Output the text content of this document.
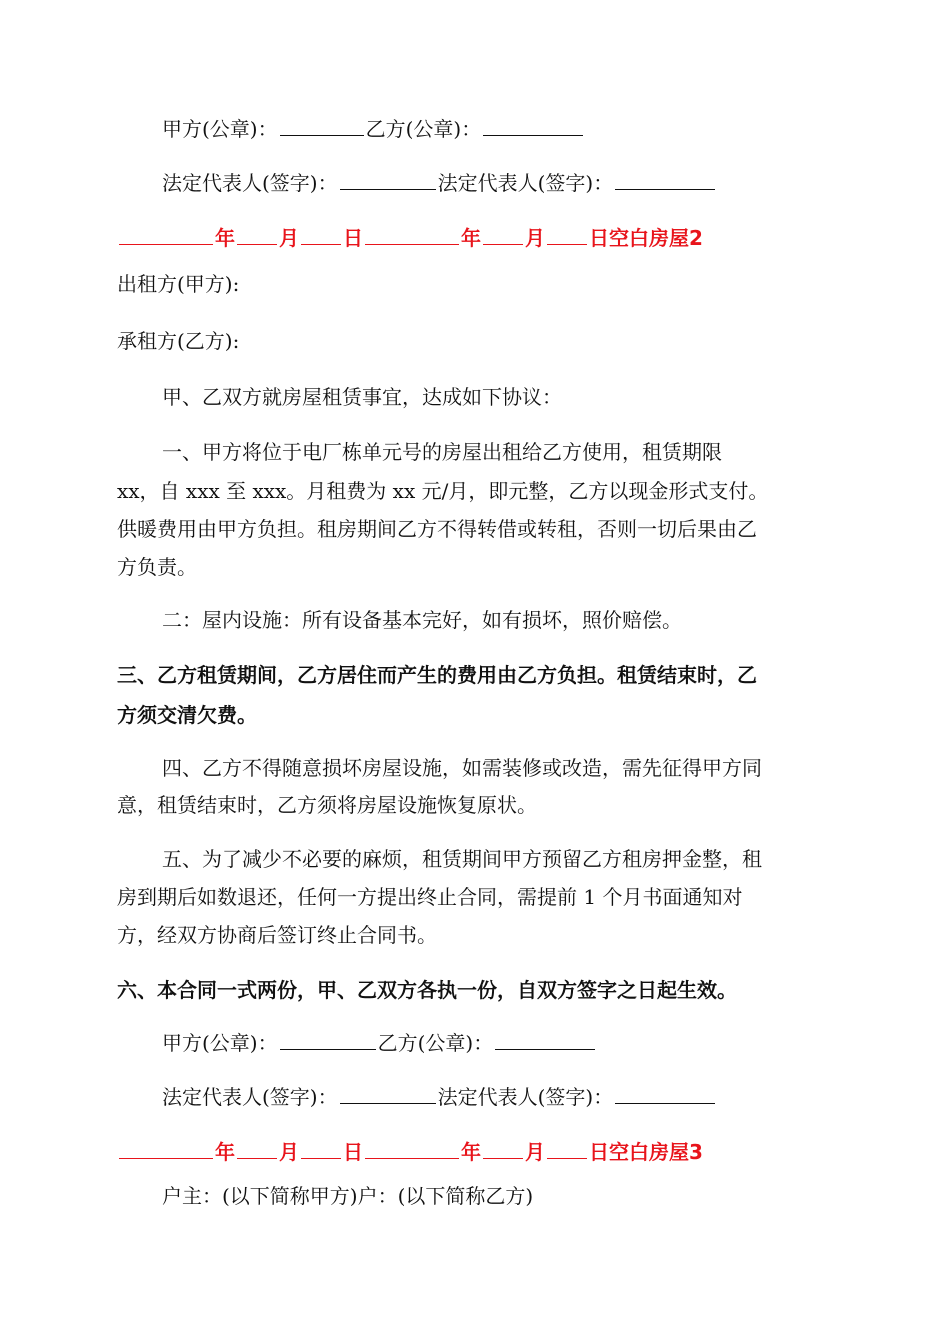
甲方(公章)：	乙方(公章)：
法定代表人(签字)：	法定代表人(签字)：
年 月 日	年 月 日空白房屋2
出租方(甲方):
承租方(乙方):
甲、乙双方就房屋租赁事宜，达成如下协议：
一、甲方将位于电厂栋单元号的房屋出租给乙方使用，租赁期限
xx，自 xxx 至 xxx。月租费为 xx 元/月，即元整，乙方以现金形式支付。
供暖费用由甲方负担。租房期间乙方不得转借或转租，否则一切后果由乙
方负责。
二：屋内设施：所有设备基本完好，如有损坏，照价赔偿。
三、乙方租赁期间，乙方居住而产生的费用由乙方负担。租赁结束时，乙
方须交清欠费。
四、乙方不得随意损坏房屋设施，如需装修或改造，需先征得甲方同
意，租赁结束时，乙方须将房屋设施恢复原状。
五、为了减少不必要的麻烦，租赁期间甲方预留乙方租房押金整，租
房到期后如数退还，任何一方提出终止合同，需提前 1 个月书面通知对
方，经双方协商后签订终止合同书。
六、本合同一式两份，甲、乙双方各执一份，自双方签字之日起生效。
甲方(公章)：	乙方(公章)：
法定代表人(签字)：	法定代表人(签字)：
年 月 日	年 月 日空白房屋3
户主：(以下简称甲方)户：(以下简称乙方)
